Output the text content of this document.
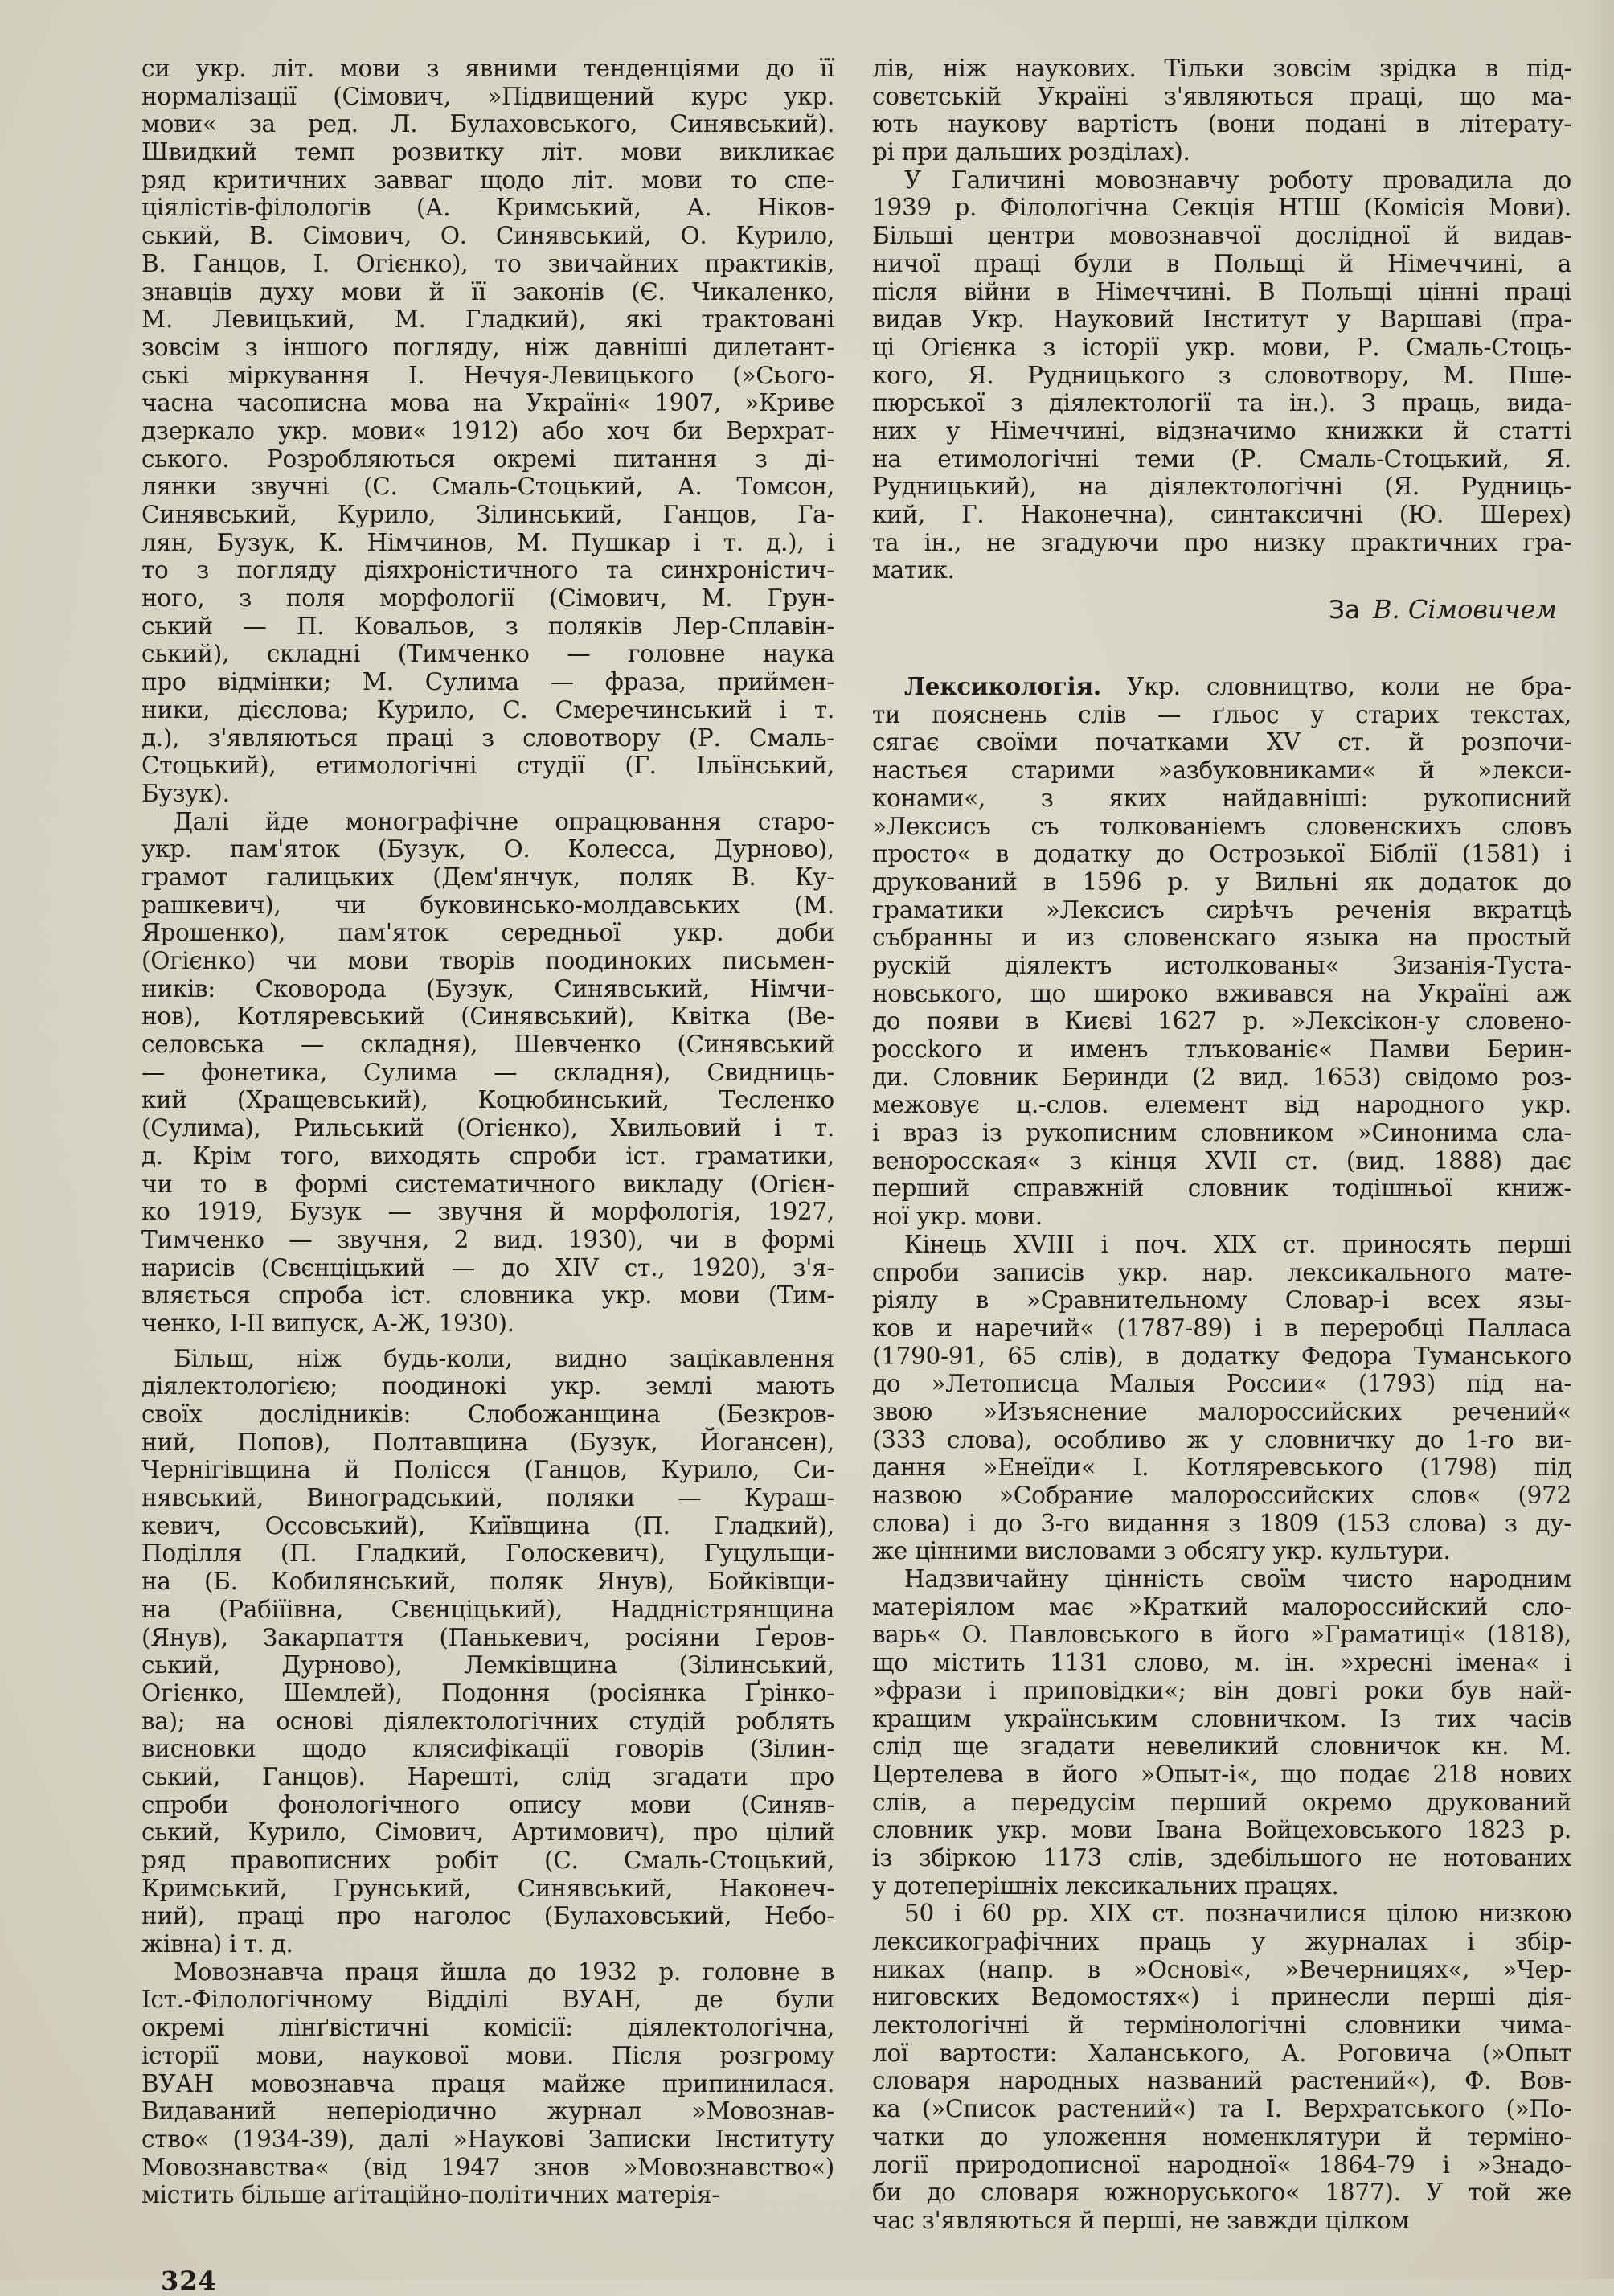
си укр. літ. мови з явними тенденціями до її
нормалізації (Сімович, »Підвищений курс укр.
мови« за ред. Л. Булаховського, Синявський).
Швидкий темп розвитку літ. мови викликає
ряд критичних завваг щодо літ. мови то спе-
ціялістів-філологів (А. Кримський, А. Ніков-
ський, В. Сімович, О. Синявський, О. Курило,
В. Ганцов, І. Огієнко), то звичайних практиків,
знавців духу мови й її законів (Є. Чикаленко,
М. Левицький, М. Гладкий), які трактовані
зовсім з іншого погляду, ніж давніші дилетант-
ські міркування І. Нечуя-Левицького (»Сього-
часна часописна мова на Україні« 1907, »Криве
дзеркало укр. мови« 1912) або хоч би Верхрат-
ського. Розробляються окремі питання з ді-
лянки звучні (С. Смаль-Стоцький, А. Томсон,
Синявський, Курило, Зілинський, Ганцов, Га-
лян, Бузук, К. Німчинов, М. Пушкар і т. д.), і
то з погляду діяхроністичного та синхроністич-
ного, з поля морфології (Сімович, М. Грун-
ський — П. Ковальов, з поляків Лер-Сплавін-
ський), складні (Тимченко — головне наука
про відмінки; М. Сулима — фраза, приймен-
ники, дієслова; Курило, С. Смеречинський і т.
д.), з'являються праці з словотвору (Р. Смаль-
Стоцький), етимологічні студії (Г. Ільїнський,
Бузук).
Далі йде монографічне опрацювання старо-
укр. пам'яток (Бузук, О. Колесса, Дурново),
грамот галицьких (Дем'янчук, поляк В. Ку-
рашкевич), чи буковинсько-молдавських (М.
Ярошенко), пам'яток середньої укр. доби
(Огієнко) чи мови творів поодиноких письмен-
ників: Сковорода (Бузук, Синявський, Німчи-
нов), Котляревський (Синявський), Квітка (Ве-
селовська — складня), Шевченко (Синявський
— фонетика, Сулима — складня), Свидниць-
кий (Хращевський), Коцюбинський, Тесленко
(Сулима), Рильський (Огієнко), Хвильовий і т.
д. Крім того, виходять спроби іст. граматики,
чи то в формі систематичного викладу (Огієн-
ко 1919, Бузук — звучня й морфологія, 1927,
Тимченко — звучня, 2 вид. 1930), чи в формі
нарисів (Свєнціцький — до XIV ст., 1920), з'я-
вляється спроба іст. словника укр. мови (Тим-
ченко, I-II випуск, А-Ж, 1930).
Більш, ніж будь-коли, видно зацікавлення
діялектологією; поодинокі укр. землі мають
своїх дослідників: Слобожанщина (Безкров-
ний, Попов), Полтавщина (Бузук, Йогансен),
Чернігівщина й Полісся (Ганцов, Курило, Си-
нявський, Виноградський, поляки — Кураш-
кевич, Оссовський), Київщина (П. Гладкий),
Поділля (П. Гладкий, Голоскевич), Гуцульщи-
на (Б. Кобилянський, поляк Янув), Бойківщи-
на (Рабіїівна, Свєнціцький), Наддністрянщина
(Янув), Закарпаття (Панькевич, росіяни Ґеров-
ський, Дурново), Лемківщина (Зілинський,
Огієнко, Шемлей), Подоння (росіянка Ґрінко-
ва); на основі діялектологічних студій роблять
висновки щодо клясифікації говорів (Зілин-
ський, Ганцов). Нарешті, слід згадати про
спроби фонологічного опису мови (Синяв-
ський, Курило, Сімович, Артимович), про цілий
ряд правописних робіт (С. Смаль-Стоцький,
Кримський, Грунський, Синявський, Наконеч-
ний), праці про наголос (Булаховський, Небо-
жівна) і т. д.
Мовознавча праця йшла до 1932 р. головне в
Іст.-Філологічному Відділі ВУАН, де були
окремі лінґвістичні комісії: діялектологічна,
історії мови, наукової мови. Після розгрому
ВУАН мовознавча праця майже припинилася.
Видаваний неперіодично журнал »Мовознав-
ство« (1934-39), далі »Наукові Записки Інституту
Мовознавства« (від 1947 знов »Мовознавство«)
містить більше аґітаційно-політичних матерія-
324
лів, ніж наукових. Тільки зовсім зрідка в під-
совєтській Україні з'являються праці, що ма-
ють наукову вартість (вони подані в літерату-
рі при дальших розділах).
У Галичині мовознавчу роботу провадила до
1939 р. Філологічна Секція НТШ (Комісія Мови).
Більші центри мовознавчої дослідної й видав-
ничої праці були в Польщі й Німеччині, а
після війни в Німеччині. В Польщі цінні праці
видав Укр. Науковий Інститут у Варшаві (пра-
ці Огієнка з історії укр. мови, Р. Смаль-Стоць-
кого, Я. Рудницького з словотвору, М. Пше-
пюрської з діялектології та ін.). З праць, вида-
них у Німеччині, відзначимо книжки й статті
на етимологічні теми (Р. Смаль-Стоцький, Я.
Рудницький), на діялектологічні (Я. Рудниць-
кий, Г. Наконечна), синтаксичні (Ю. Шерех)
та ін., не згадуючи про низку практичних гра-
матик.
За В. Сімовичем
Лексикологія. Укр. словництво, коли не бра-
ти пояснень слів — ґльос у старих текстах,
сягає своїми початками XV ст. й розпочи-
настьєя старими »азбуковниками« й »лекси-
конами«, з яких найдавніші: рукописний
»Лексисъ съ толкованіемъ словенскихъ словъ
просто« в додатку до Острозької Біблії (1581) і
друкований в 1596 р. у Вильні як додаток до
граматики »Лексисъ сирѣчъ реченія вкратцѣ
събранны и из словенскаго языка на простый
рускій діялектъ истолкованы« Зизанія-Туста-
новського, що широко вживався на Україні аж
до появи в Києві 1627 р. »Лексікон-у словено-
россkого и именъ тлъкованіє« Памви Берин-
ди. Словник Беринди (2 вид. 1653) свідомо роз-
межовує ц.-слов. елемент від народного укр.
і враз із рукописним словником »Синонима сла-
веноросская« з кінця XVII ст. (вид. 1888) дає
перший справжній словник тодішньої книж-
ної укр. мови.
Кінець XVIII і поч. XIX ст. приносять перші
спроби записів укр. нар. лексикального мате-
ріялу в »Сравнительному Словар-і всех язы-
ков и наречий« (1787-89) і в переробці Палласа
(1790-91, 65 слів), в додатку Федора Туманського
до »Летописца Малыя России« (1793) під на-
звою »Изъяснение малороссийских речений«
(333 слова), особливо ж у словничку до 1-го ви-
дання »Енеїди« І. Котляревського (1798) під
назвою »Собрание малороссийских слов« (972
слова) і до 3-го видання з 1809 (153 слова) з ду-
же цінними висловами з обсягу укр. культури.
Надзвичайну цінність своїм чисто народним
матеріялом має »Краткий малороссийский сло-
варь« О. Павловського в його »Граматиці« (1818),
що містить 1131 слово, м. ін. »хресні імена« і
»фрази і приповідки«; він довгі роки був най-
кращим українським словничком. Із тих часів
слід ще згадати невеликий словничок кн. М.
Цертелева в його »Опыт-і«, що подає 218 нових
слів, а передусім перший окремо друкований
словник укр. мови Івана Войцеховського 1823 р.
із збіркою 1173 слів, здебільшого не нотованих
у дотеперішніх лексикальних працях.
50 і 60 рр. XIX ст. позначилися цілою низкою
лексикографічних праць у журналах і збір-
никах (напр. в »Основі«, »Вечерницях«, »Чер-
ниговских Ведомостях«) і принесли перші дія-
лектологічні й термінологічні словники чима-
лої вартости: Халанського, А. Роговича (»Опыт
словаря народных названий растений«), Ф. Вов-
ка (»Список растений«) та І. Верхратського (»По-
чатки до уложення номенклятури й терміно-
логії природописної народної« 1864-79 і »Знадо-
би до словаря южноруського« 1877). У той же
час з'являються й перші, не завжди цілком
